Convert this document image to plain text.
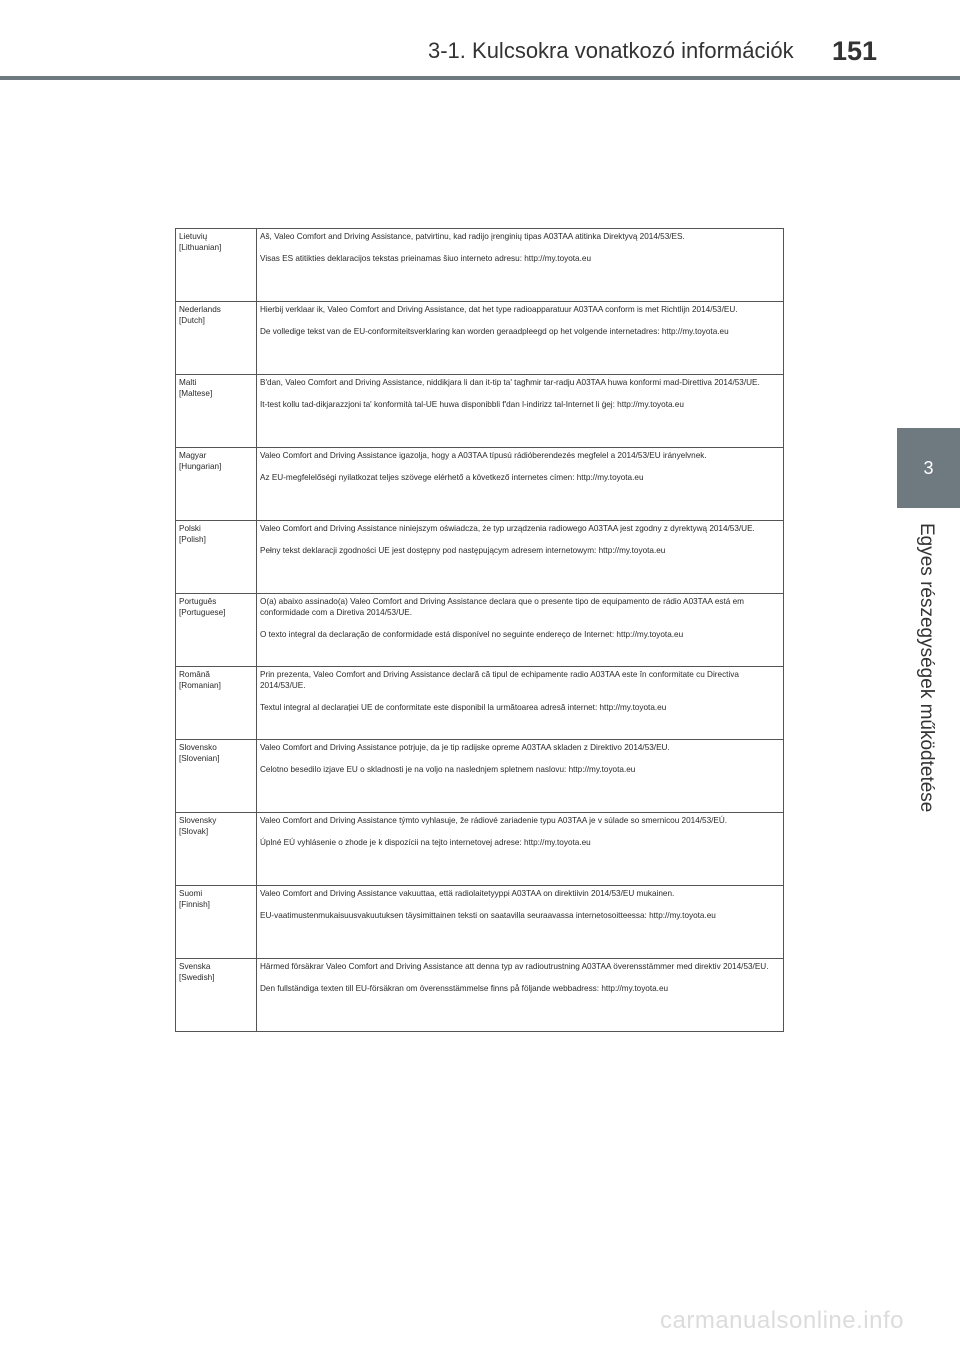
3-1. Kulcsokra vonatkozó információk 151
3
Egyes részegységek működtetése
Lietuvių
[Lithuanian]	Aš, Valeo Comfort and Driving Assistance, patvirtinu, kad radijo įrenginių tipas A03TAA atitinka Direktyvą 2014/53/ES.
Visas ES atitikties deklaracijos tekstas prieinamas šiuo interneto adresu: http://my.toyota.eu

Nederlands
[Dutch]	Hierbij verklaar ik, Valeo Comfort and Driving Assistance, dat het type radioapparatuur A03TAA conform is met Richtlijn 2014/53/EU.
De volledige tekst van de EU-conformiteitsverklaring kan worden geraadpleegd op het volgende internetadres: http://my.toyota.eu

Malti
[Maltese]	B'dan, Valeo Comfort and Driving Assistance, niddikjara li dan it-tip ta' tagħmir tar-radju A03TAA huwa konformi mad-Direttiva 2014/53/UE.
It-test kollu tad-dikjarazzjoni ta' konformità tal-UE huwa disponibbli f'dan l-indirizz tal-Internet li ġej: http://my.toyota.eu

Magyar
[Hungarian]	Valeo Comfort and Driving Assistance igazolja, hogy a A03TAA típusú rádióberendezés megfelel a 2014/53/EU irányelvnek.
Az EU-megfelelőségi nyilatkozat teljes szövege elérhető a következő internetes címen: http://my.toyota.eu

Polski
[Polish]	Valeo Comfort and Driving Assistance niniejszym oświadcza, że typ urządzenia radiowego A03TAA jest zgodny z dyrektywą 2014/53/UE.
Pełny tekst deklaracji zgodności UE jest dostępny pod następującym adresem internetowym: http://my.toyota.eu

Português
[Portuguese]	O(a) abaixo assinado(a) Valeo Comfort and Driving Assistance declara que o presente tipo de equipamento de rádio A03TAA está em conformidade com a Diretiva 2014/53/UE.
O texto integral da declaração de conformidade está disponível no seguinte endereço de Internet: http://my.toyota.eu

Română
[Romanian]	Prin prezenta, Valeo Comfort and Driving Assistance declară că tipul de echipamente radio A03TAA este în conformitate cu Directiva 2014/53/UE.
Textul integral al declarației UE de conformitate este disponibil la următoarea adresă internet: http://my.toyota.eu

Slovensko
[Slovenian]	Valeo Comfort and Driving Assistance potrjuje, da je tip radijske opreme A03TAA skladen z Direktivo 2014/53/EU.
Celotno besedilo izjave EU o skladnosti je na voljo na naslednjem spletnem naslovu: http://my.toyota.eu

Slovensky
[Slovak]	Valeo Comfort and Driving Assistance týmto vyhlasuje, že rádiové zariadenie typu A03TAA je v súlade so smernicou 2014/53/EÚ.
Úplné EÚ vyhlásenie o zhode je k dispozícii na tejto internetovej adrese: http://my.toyota.eu

Suomi
[Finnish]	Valeo Comfort and Driving Assistance vakuuttaa, että radiolaitetyyppi A03TAA on direktiivin 2014/53/EU mukainen.
EU-vaatimustenmukaisuusvakuutuksen täysimittainen teksti on saatavilla seuraavassa internetosoitteessa: http://my.toyota.eu

Svenska
[Swedish]	Härmed försäkrar Valeo Comfort and Driving Assistance att denna typ av radioutrustning A03TAA överensstämmer med direktiv 2014/53/EU.
Den fullständiga texten till EU-försäkran om överensstämmelse finns på följande webbadress: http://my.toyota.eu
carmanualsonline.info
